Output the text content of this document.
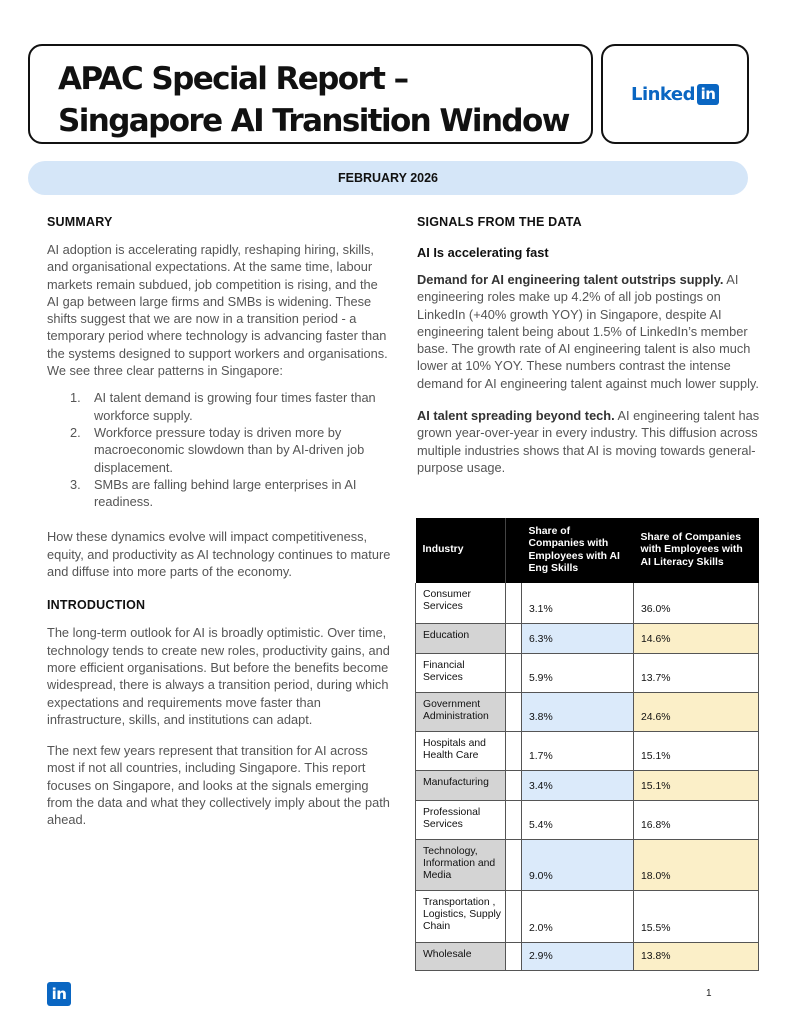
APAC Special Report –
Singapore AI Transition Window
Linked in
FEBRUARY 2026
SUMMARY

AI adoption is accelerating rapidly, reshaping hiring, skills, and organisational expectations. At the same time, labour markets remain subdued, job competition is rising, and the AI gap between large firms and SMBs is widening. These shifts suggest that we are now in a transition period - a temporary period where technology is advancing faster than the systems designed to support workers and organisations. We see three clear patterns in Singapore:

1. AI talent demand is growing four times faster than workforce supply.
2. Workforce pressure today is driven more by macroeconomic slowdown than by AI-driven job displacement.
3. SMBs are falling behind large enterprises in AI readiness.

How these dynamics evolve will impact competitiveness, equity, and productivity as AI technology continues to mature and diffuse into more parts of the economy.

INTRODUCTION

The long-term outlook for AI is broadly optimistic. Over time, technology tends to create new roles, productivity gains, and more efficient organisations. But before the benefits become widespread, there is always a transition period, during which expectations and requirements move faster than infrastructure, skills, and institutions can adapt.

The next few years represent that transition for AI across most if not all countries, including Singapore. This report focuses on Singapore, and looks at the signals emerging from the data and what they collectively imply about the path ahead.

SIGNALS FROM THE DATA
AI Is accelerating fast

Demand for AI engineering talent outstrips supply. AI engineering roles make up 4.2% of all job postings on LinkedIn (+40% growth YOY) in Singapore, despite AI engineering talent being about 1.5% of LinkedIn’s member base. The growth rate of AI engineering talent is also much lower at 10% YOY. These numbers contrast the intense demand for AI engineering talent against much lower supply.

AI talent spreading beyond tech. AI engineering talent has grown year-over-year in every industry. This diffusion across multiple industries shows that AI is moving towards general-purpose usage.

Industry		Share of Companies with Employees with AI Eng Skills	Share of Companies with Employees with AI Literacy Skills
Consumer Services		3.1%	36.0%
Education		6.3%	14.6%
Financial Services		5.9%	13.7%
Government Administration		3.8%	24.6%
Hospitals and Health Care		1.7%	15.1%
Manufacturing		3.4%	15.1%
Professional Services		5.4%	16.8%
Technology, Information and Media		9.0%	18.0%
Transportation , Logistics, Supply Chain		2.0%	15.5%
Wholesale		2.9%	13.8%
in	1
